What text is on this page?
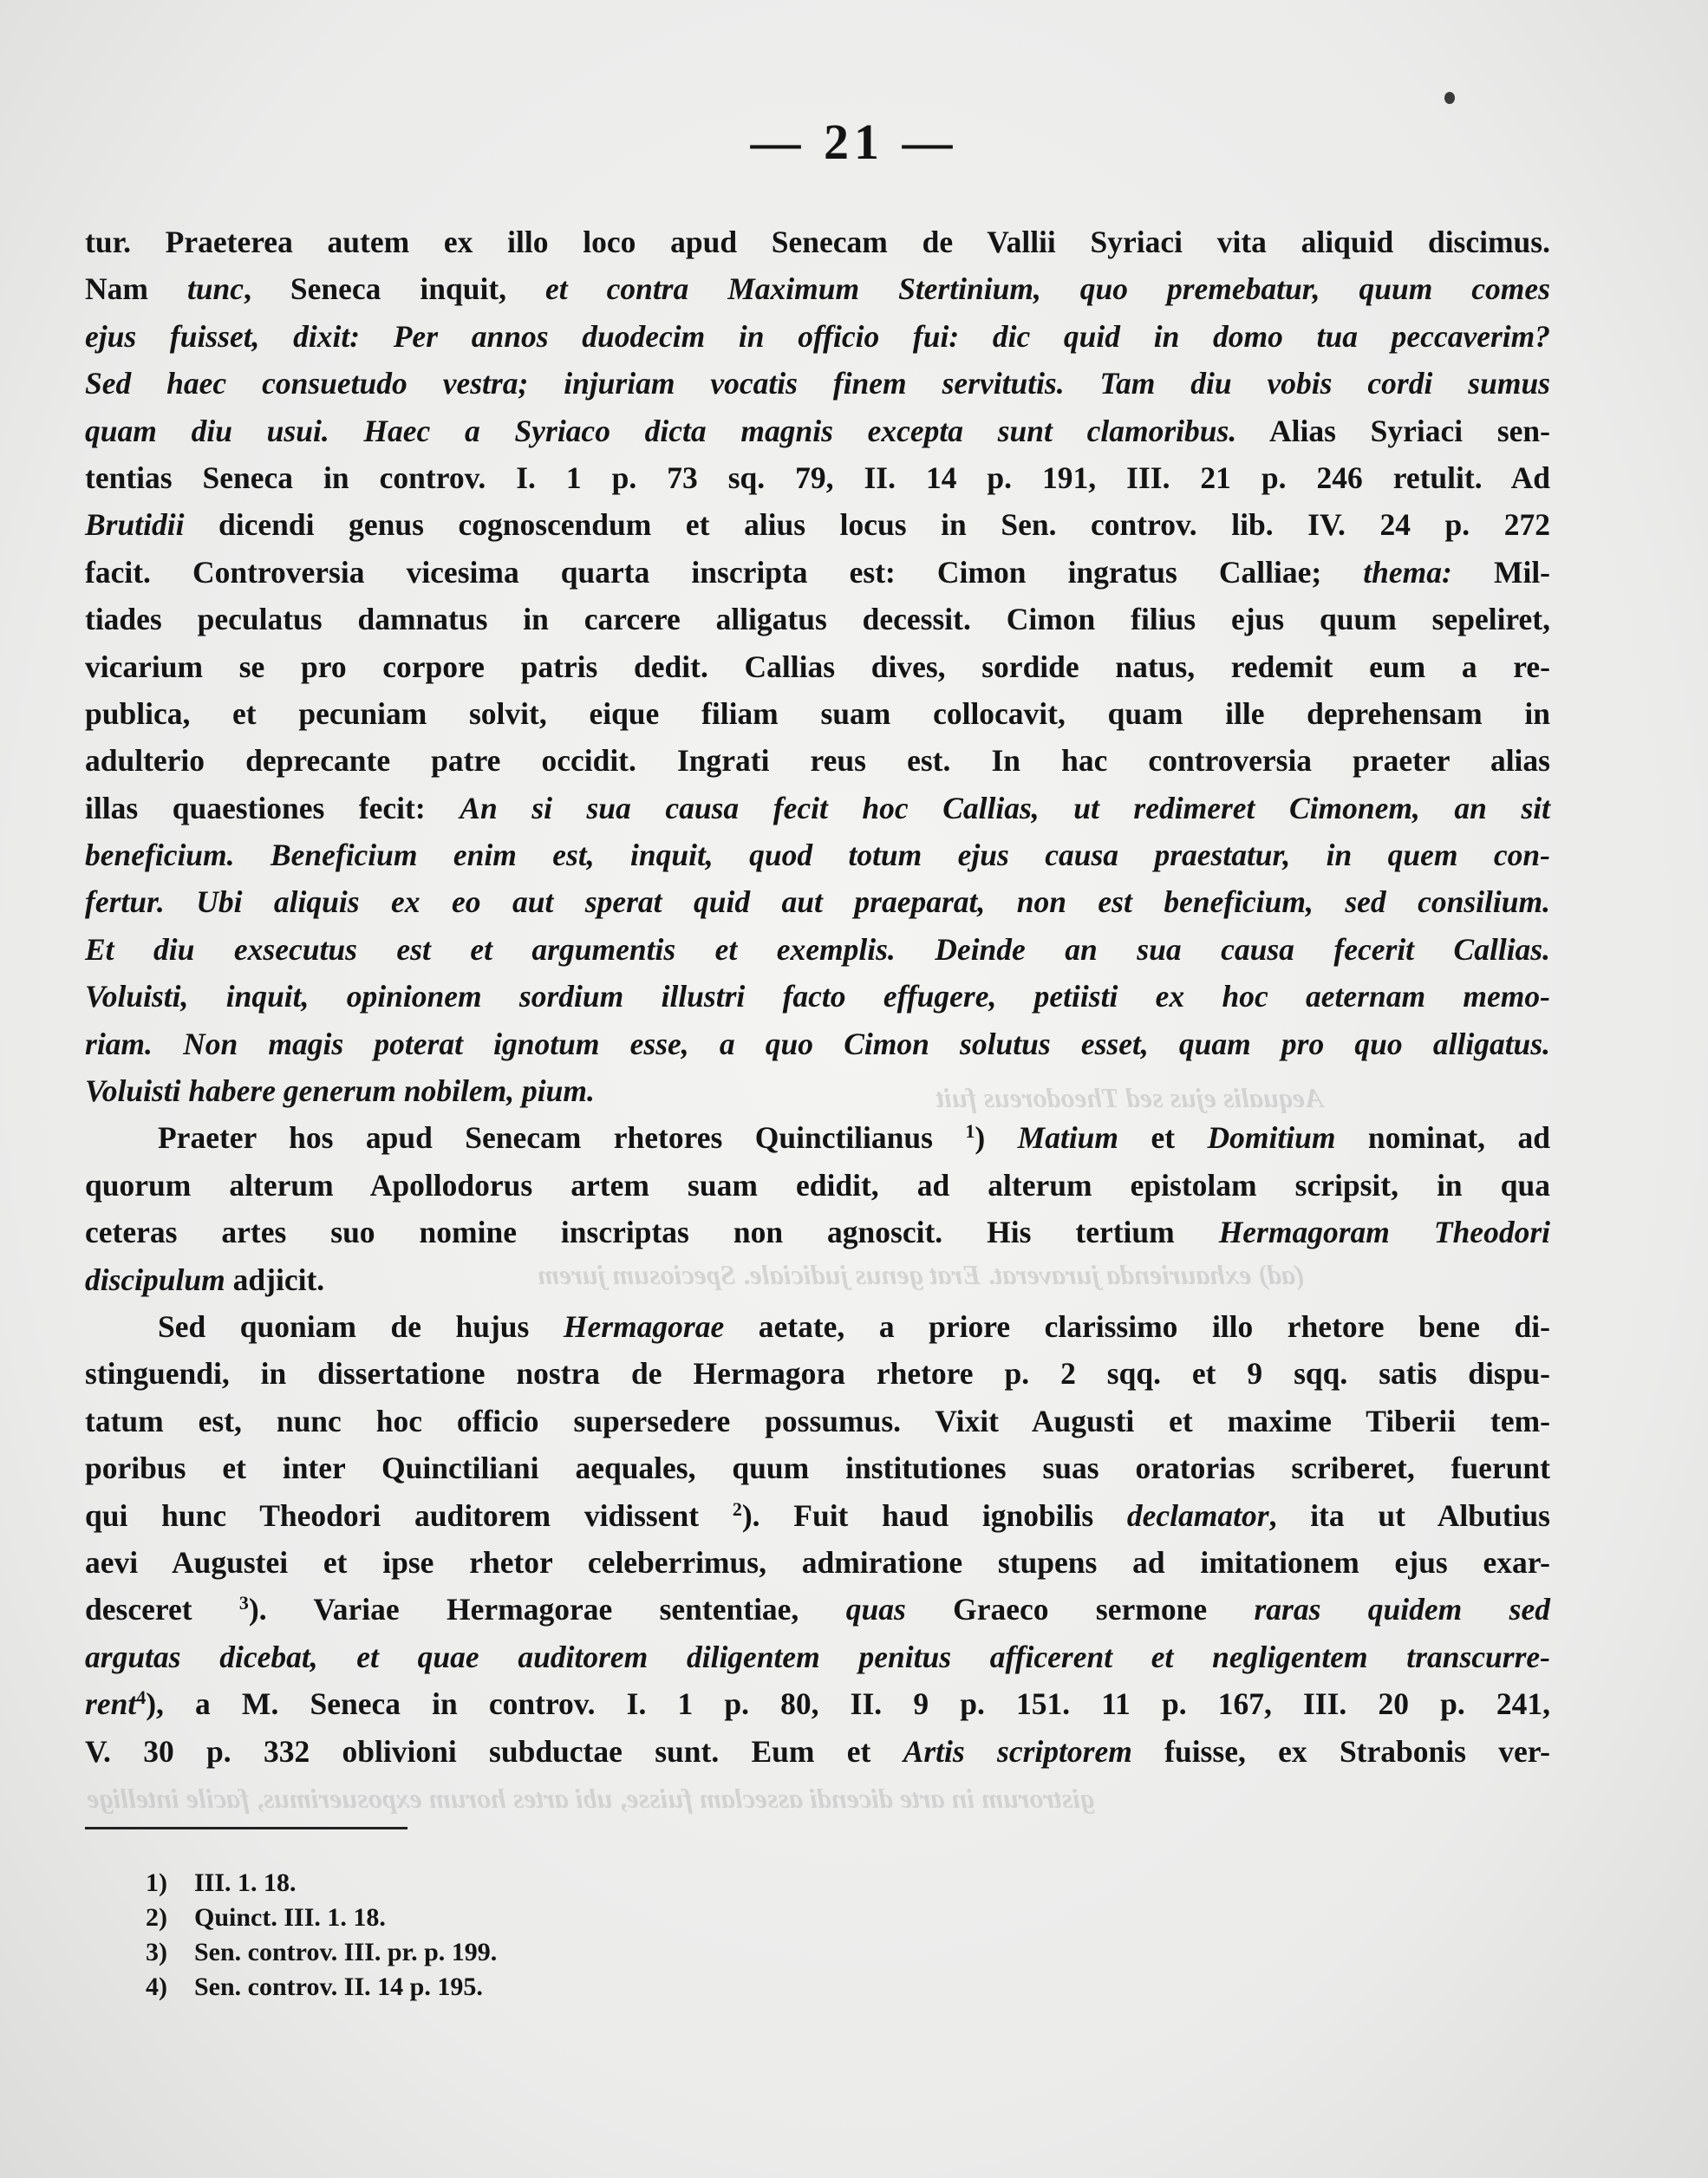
— 21 —
tur. Praeterea autem ex illo loco apud Senecam de Vallii Syriaci vita aliquid discimus.
Nam tunc, Seneca inquit, et contra Maximum Stertinium, quo premebatur, quum comes
ejus fuisset, dixit: Per annos duodecim in officio fui: dic quid in domo tua peccaverim?
Sed haec consuetudo vestra; injuriam vocatis finem servitutis. Tam diu vobis cordi sumus
quam diu usui. Haec a Syriaco dicta magnis excepta sunt clamoribus. Alias Syriaci sen-
tentias Seneca in controv. I. 1 p. 73 sq. 79, II. 14 p. 191, III. 21 p. 246 retulit. Ad
Brutidii dicendi genus cognoscendum et alius locus in Sen. controv. lib. IV. 24 p. 272
facit. Controversia vicesima quarta inscripta est: Cimon ingratus Calliae; thema: Mil-
tiades peculatus damnatus in carcere alligatus decessit. Cimon filius ejus quum sepeliret,
vicarium se pro corpore patris dedit. Callias dives, sordide natus, redemit eum a re-
publica, et pecuniam solvit, eique filiam suam collocavit, quam ille deprehensam in
adulterio deprecante patre occidit. Ingrati reus est. In hac controversia praeter alias
illas quaestiones fecit: An si sua causa fecit hoc Callias, ut redimeret Cimonem, an sit
beneficium. Beneficium enim est, inquit, quod totum ejus causa praestatur, in quem con-
fertur. Ubi aliquis ex eo aut sperat quid aut praeparat, non est beneficium, sed consilium.
Et diu exsecutus est et argumentis et exemplis. Deinde an sua causa fecerit Callias.
Voluisti, inquit, opinionem sordium illustri facto effugere, petiisti ex hoc aeternam memo-
riam. Non magis poterat ignotum esse, a quo Cimon solutus esset, quam pro quo alligatus.
Voluisti habere generum nobilem, pium.
Praeter hos apud Senecam rhetores Quinctilianus $^1$) Matium et Domitium nominat, ad
quorum alterum Apollodorus artem suam edidit, ad alterum epistolam scripsit, in qua
ceteras artes suo nomine inscriptas non agnoscit. His tertium Hermagoram Theodori
discipulum adjicit.
Sed quoniam de hujus Hermagorae aetate, a priore clarissimo illo rhetore bene di-
stinguendi, in dissertatione nostra de Hermagora rhetore p. 2 sqq. et 9 sqq. satis dispu-
tatum est, nunc hoc officio supersedere possumus. Vixit Augusti et maxime Tiberii tem-
poribus et inter Quinctiliani aequales, quum institutiones suas oratorias scriberet, fuerunt
qui hunc Theodori auditorem vidissent $^2$). Fuit haud ignobilis declamator, ita ut Albutius
aevi Augustei et ipse rhetor celeberrimus, admiratione stupens ad imitationem ejus exar-
desceret $^3$). Variae Hermagorae sententiae, quas Graeco sermone raras quidem sed
argutas dicebat, et quae auditorem diligentem penitus afficerent et negligentem transcurre-
rent$^4$), a M. Seneca in controv. I. 1 p. 80, II. 9 p. 151. 11 p. 167, III. 20 p. 241,
V. 30 p. 332 oblivioni subductae sunt. Eum et Artis scriptorem fuisse, ex Strabonis ver-
Aequalis ejus sed Theodoreus fuit
(ad) exhaurienda juraverat. Erat genus judiciale. Speciosum jurem
gistrorum in arte dicendi asseclam fuisse, ubi artes horum exposuerimus, facile intellige
1) III. 1. 18.
2) Quinct. III. 1. 18.
3) Sen. controv. III. pr. p. 199.
4) Sen. controv. II. 14 p. 195.
